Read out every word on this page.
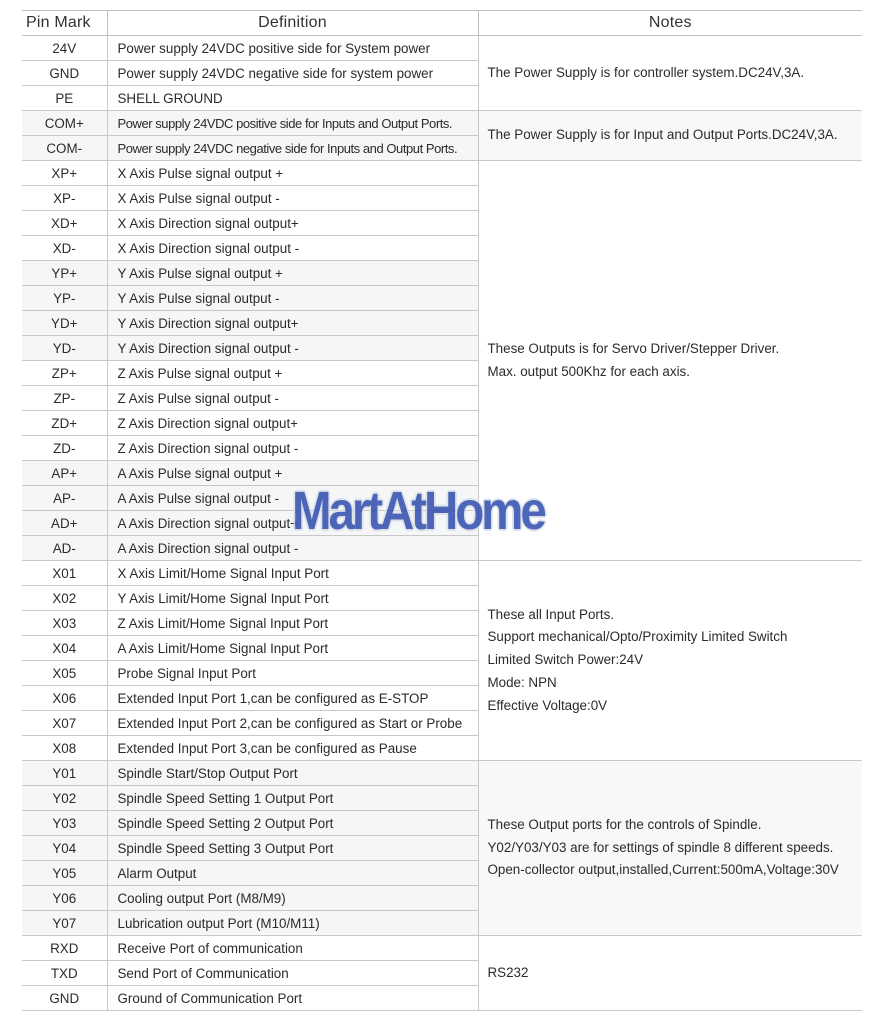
Pin Mark	Definition	Notes
24V	Power supply 24VDC positive side for System power	The Power Supply is for controller system.DC24V,3A.

GND	Power supply 24VDC negative side for system power	
PE	SHELL GROUND	
COM+	Power supply 24VDC positive side for Inputs and Output Ports.	The Power Supply is for Input and Output Ports.DC24V,3A.

COM-	Power supply 24VDC negative side for Inputs and Output Ports.	
XP+	X Axis Pulse signal output +	These Outputs is for Servo Driver/Stepper Driver.
Max. output 500Khz for each axis.

XP-	X Axis Pulse signal output -	
XD+	X Axis Direction signal output+	
XD-	X Axis Direction signal output -	
YP+	Y Axis Pulse signal output +	
YP-	Y Axis Pulse signal output -	
YD+	Y Axis Direction signal output+	
YD-	Y Axis Direction signal output -	
ZP+	Z Axis Pulse signal output +	
ZP-	Z Axis Pulse signal output -	
ZD+	Z Axis Direction signal output+	
ZD-	Z Axis Direction signal output -	
AP+	A Axis Pulse signal output +	
AP-	A Axis Pulse signal output -	
AD+	A Axis Direction signal output+	
AD-	A Axis Direction signal output -	
X01	X Axis Limit/Home Signal Input Port	These all Input Ports.
Support mechanical/Opto/Proximity Limited Switch
Limited Switch Power:24V
Mode: NPN
Effective Voltage:0V

X02	Y Axis Limit/Home Signal Input Port	
X03	Z Axis Limit/Home Signal Input Port	
X04	A Axis Limit/Home Signal Input Port	
X05	Probe Signal Input Port	
X06	Extended Input Port 1,can be configured as E-STOP	
X07	Extended Input Port 2,can be configured as Start or Probe	
X08	Extended Input Port 3,can be configured as Pause	
Y01	Spindle Start/Stop Output Port	These Output ports for the controls of Spindle.
Y02/Y03/Y03 are for settings of spindle 8 different speeds.
Open-collector output,installed,Current:500mA,Voltage:30V

Y02	Spindle Speed Setting 1 Output Port	
Y03	Spindle Speed Setting 2 Output Port	
Y04	Spindle Speed Setting 3 Output Port	
Y05	Alarm Output	
Y06	Cooling output Port (M8/M9)	
Y07	Lubrication output Port (M10/M11)	
RXD	Receive Port of communication	RS232

TXD	Send Port of Communication	
GND	Ground of Communication Port	
MartAtHome
